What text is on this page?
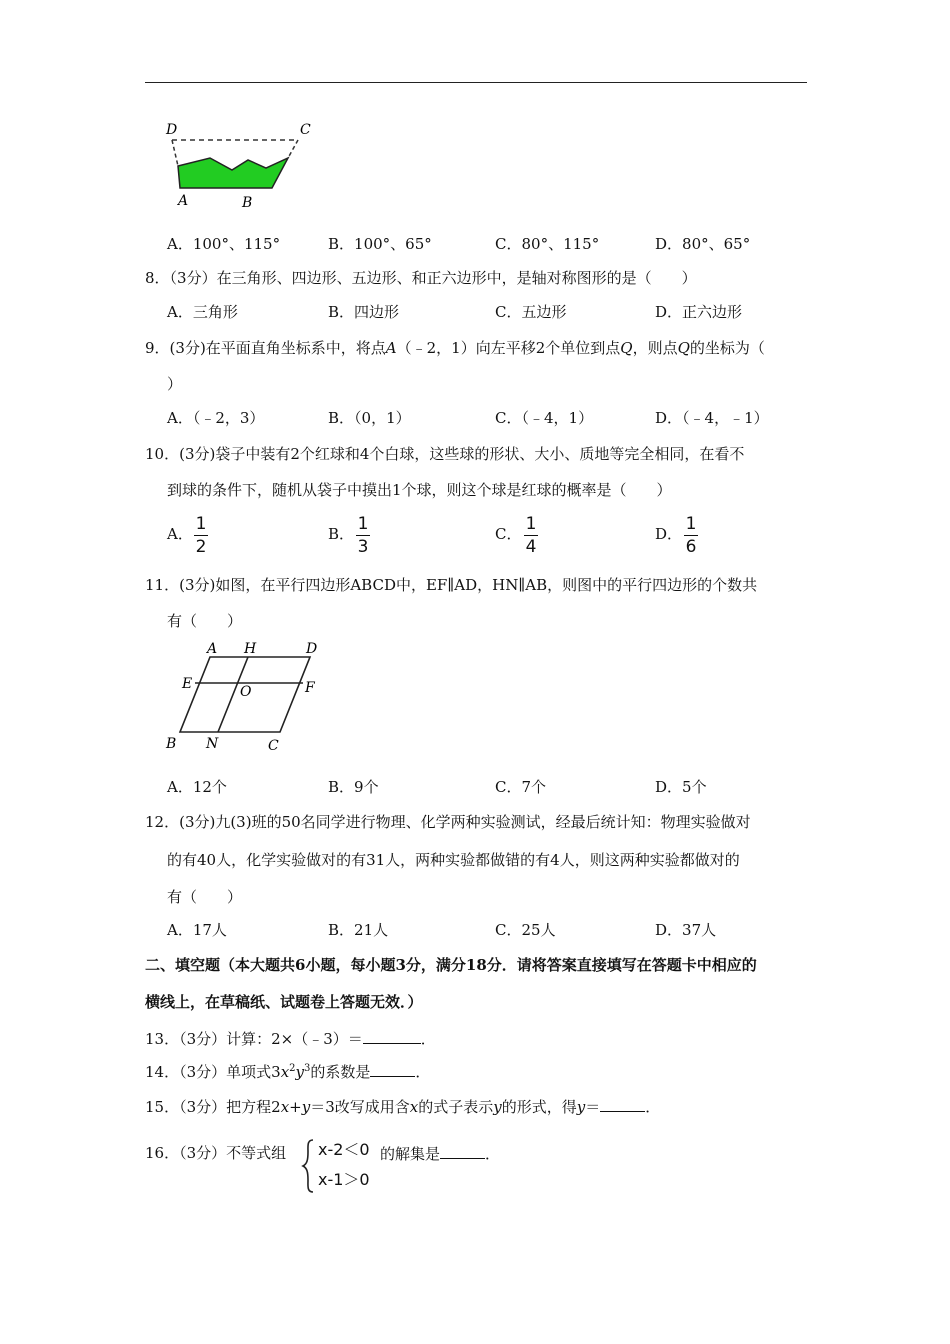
D	C
A	B
A．100°、115°	B．100°、65°	C．80°、115°	D．80°、65°
8．（3分）在三角形、四边形、五边形、和正六边形中，是轴对称图形的是（　　）
A．三角形	B．四边形	C．五边形	D．正六边形
9．(3分)在平面直角坐标系中，将点A（﹣2，1）向左平移2个单位到点Q，则点Q的坐标为（
）
A．（﹣2，3）	B．（0，1）	C．（﹣4，1）	D．（﹣4，﹣1）
10．(3分)袋子中装有2个红球和4个白球，这些球的形状、大小、质地等完全相同，在看不
到球的条件下，随机从袋子中摸出1个球，则这个球是红球的概率是（　　）
A． 1
2
B． 1
3
C． 1
4
D． 1
6
11．(3分)如图，在平行四边形ABCD中，EF∥AD，HN∥AB，则图中的平行四边形的个数共
有（　　）
A H	D
E	O	F
B N	C
A．12个	B．9个	C．7个	D．5个
12．(3分)九(3)班的50名同学进行物理、化学两种实验测试，经最后统计知：物理实验做对
的有40人，化学实验做对的有31人，两种实验都做错的有4人，则这两种实验都做对的
有（　　）
A．17人	B．21人	C．25人	D．37人
二、填空题（本大题共6小题，每小题3分，满分18分．请将答案直接填写在答题卡中相应的
横线上，在草稿纸、试题卷上答题无效．）
13．（3分）计算：2×（﹣3）＝	．
14．（3分）单项式$3x^2y^3$的系数是	．
15．（3分）把方程2x+y＝3改写成用含x的式子表示y的形式，得y＝	．
16．（3分）不等式组 x-2＜0
x-1＞0
的解集是	．
